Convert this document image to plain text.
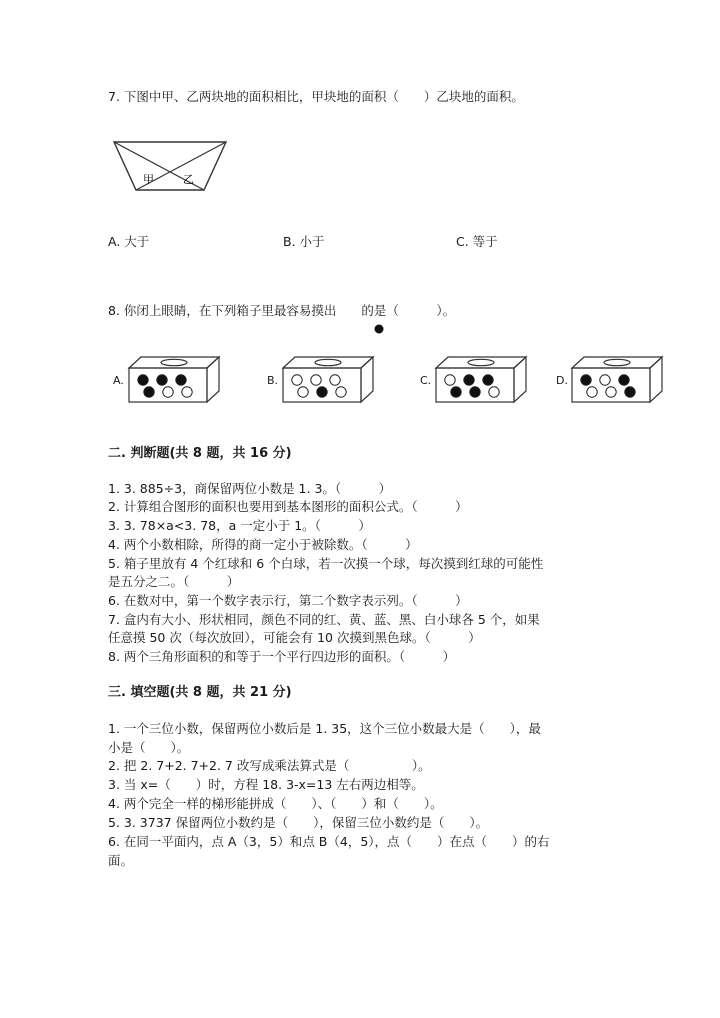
7. 下图中甲、乙两块地的面积相比，甲块地的面积（　　）乙块地的面积。
甲	乙
A. 大于	B. 小于	C. 等于
8. 你闭上眼睛，在下列箱子里最容易摸出　　的是（　　　）。
A.	B.	C.	D.
二. 判断题(共 8 题，共 16 分)
1. 3. 885÷3，商保留两位小数是 1. 3。（　　　）
2. 计算组合图形的面积也要用到基本图形的面积公式。（　　　）
3. 3. 78×a<3. 78，a 一定小于 1。（　　　）
4. 两个小数相除，所得的商一定小于被除数。（　　　）
5. 箱子里放有 4 个红球和 6 个白球，若一次摸一个球，每次摸到红球的可能性
是五分之二。（　　　）
6. 在数对中，第一个数字表示行，第二个数字表示列。（　　　）
7. 盒内有大小、形状相同，颜色不同的红、黄、蓝、黑、白小球各 5 个，如果
任意摸 50 次（每次放回），可能会有 10 次摸到黑色球。（　　　）
8. 两个三角形面积的和等于一个平行四边形的面积。（　　　）
三. 填空题(共 8 题，共 21 分)
1. 一个三位小数，保留两位小数后是 1. 35，这个三位小数最大是（　　），最
小是（　　）。
2. 把 2. 7+2. 7+2. 7 改写成乘法算式是（　　　　　）。
3. 当 x=（　　）时，方程 18. 3-x=13 左右两边相等。
4. 两个完全一样的梯形能拼成（　　）、（　　）和（　　）。
5. 3. 3737 保留两位小数约是（　　），保留三位小数约是（　　）。
6. 在同一平面内，点 A（3，5）和点 B（4，5），点（　　）在点（　　）的右
面。
